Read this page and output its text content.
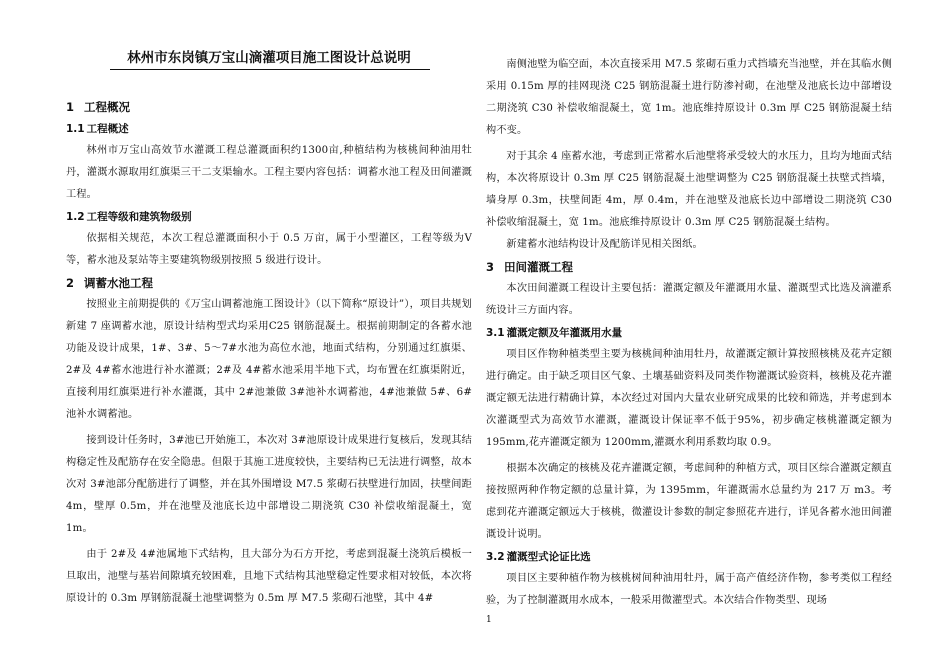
林州市东岗镇万宝山滴灌项目施工图设计总说明
1 工程概况
1.1 工程概述

林州市万宝山高效节水灌溉工程总灌溉面积约1300亩,种植结构为核桃间种油用牡丹，灌溉水源取用红旗渠三干二支渠输水。工程主要内容包括：调蓄水池工程及田间灌溉工程。

1.2 工程等级和建筑物级别

依据相关规范，本次工程总灌溉面积小于 0.5 万亩，属于小型灌区，工程等级为Ⅴ等，蓄水池及泵站等主要建筑物级别按照 5 级进行设计。

2 调蓄水池工程

按照业主前期提供的《万宝山调蓄池施工图设计》（以下简称“原设计”），项目共规划新建 7 座调蓄水池，原设计结构型式均采用C25 钢筋混凝土。根据前期制定的各蓄水池功能及设计成果，1#、3#、5～7#水池为高位水池，地面式结构，分别通过红旗渠、2#及 4#蓄水池进行补水灌溉；2#及 4#蓄水池采用半地下式，均布置在红旗渠附近，直接利用红旗渠进行补水灌溉，其中 2#池兼做 3#池补水调蓄池，4#池兼做 5#、6#池补水调蓄池。

接到设计任务时，3#池已开始施工，本次对 3#池原设计成果进行复核后，发现其结构稳定性及配筋存在安全隐患。但限于其施工进度较快，主要结构已无法进行调整，故本次对 3#池部分配筋进行了调整，并在其外围增设 M7.5 浆砌石扶壁进行加固，扶壁间距 4m，壁厚 0.5m，并在池壁及池底长边中部增设二期浇筑 C30 补偿收缩混凝土，宽 1m。

由于 2#及 4#池属地下式结构，且大部分为石方开挖，考虑到混凝土浇筑后模板一旦取出，池壁与基岩间隙填充较困难，且地下式结构其池壁稳定性要求相对较低，本次将原设计的 0.3m 厚钢筋混凝土池壁调整为 0.5m 厚 M7.5 浆砌石池壁，其中 4#

南侧池壁为临空面，本次直接采用 M7.5 浆砌石重力式挡墙充当池壁，并在其临水侧采用 0.15m 厚的挂网现浇 C25 钢筋混凝土进行防渗衬砌，在池壁及池底长边中部增设二期浇筑 C30 补偿收缩混凝土，宽 1m。池底维持原设计 0.3m 厚 C25 钢筋混凝土结构不变。

对于其余 4 座蓄水池，考虑到正常蓄水后池壁将承受较大的水压力，且均为地面式结构，本次将原设计 0.3m 厚 C25 钢筋混凝土池壁调整为 C25 钢筋混凝土扶壁式挡墙，墙身厚 0.3m，扶壁间距 4m，厚 0.4m，并在池壁及池底长边中部增设二期浇筑 C30 补偿收缩混凝土，宽 1m。池底维持原设计 0.3m 厚 C25 钢筋混凝土结构。

新建蓄水池结构设计及配筋详见相关图纸。

3 田间灌溉工程

本次田间灌溉工程设计主要包括：灌溉定额及年灌溉用水量、灌溉型式比选及滴灌系统设计三方面内容。

3.1 灌溉定额及年灌溉用水量

项目区作物种植类型主要为核桃间种油用牡丹，故灌溉定额计算按照核桃及花卉定额进行确定。由于缺乏项目区气象、土壤基础资料及同类作物灌溉试验资料，核桃及花卉灌溉定额无法进行精确计算，本次经过对国内大量农业研究成果的比较和筛选，并考虑到本次灌溉型式为高效节水灌溉，灌溉设计保证率不低于95%，初步确定核桃灌溉定额为 195mm,花卉灌溉定额为 1200mm,灌溉水利用系数均取 0.9。

根据本次确定的核桃及花卉灌溉定额，考虑间种的种植方式，项目区综合灌溉定额直接按照两种作物定额的总量计算，为 1395mm，年灌溉需水总量约为 217 万 m3。考虑到花卉灌溉定额远大于核桃，微灌设计参数的制定参照花卉进行，详见各蓄水池田间灌溉设计说明。

3.2 灌溉型式论证比选

项目区主要种植作物为核桃树间种油用牡丹，属于高产值经济作物，参考类似工程经验，为了控制灌溉用水成本，一般采用微灌型式。本次结合作物类型、现场

1
